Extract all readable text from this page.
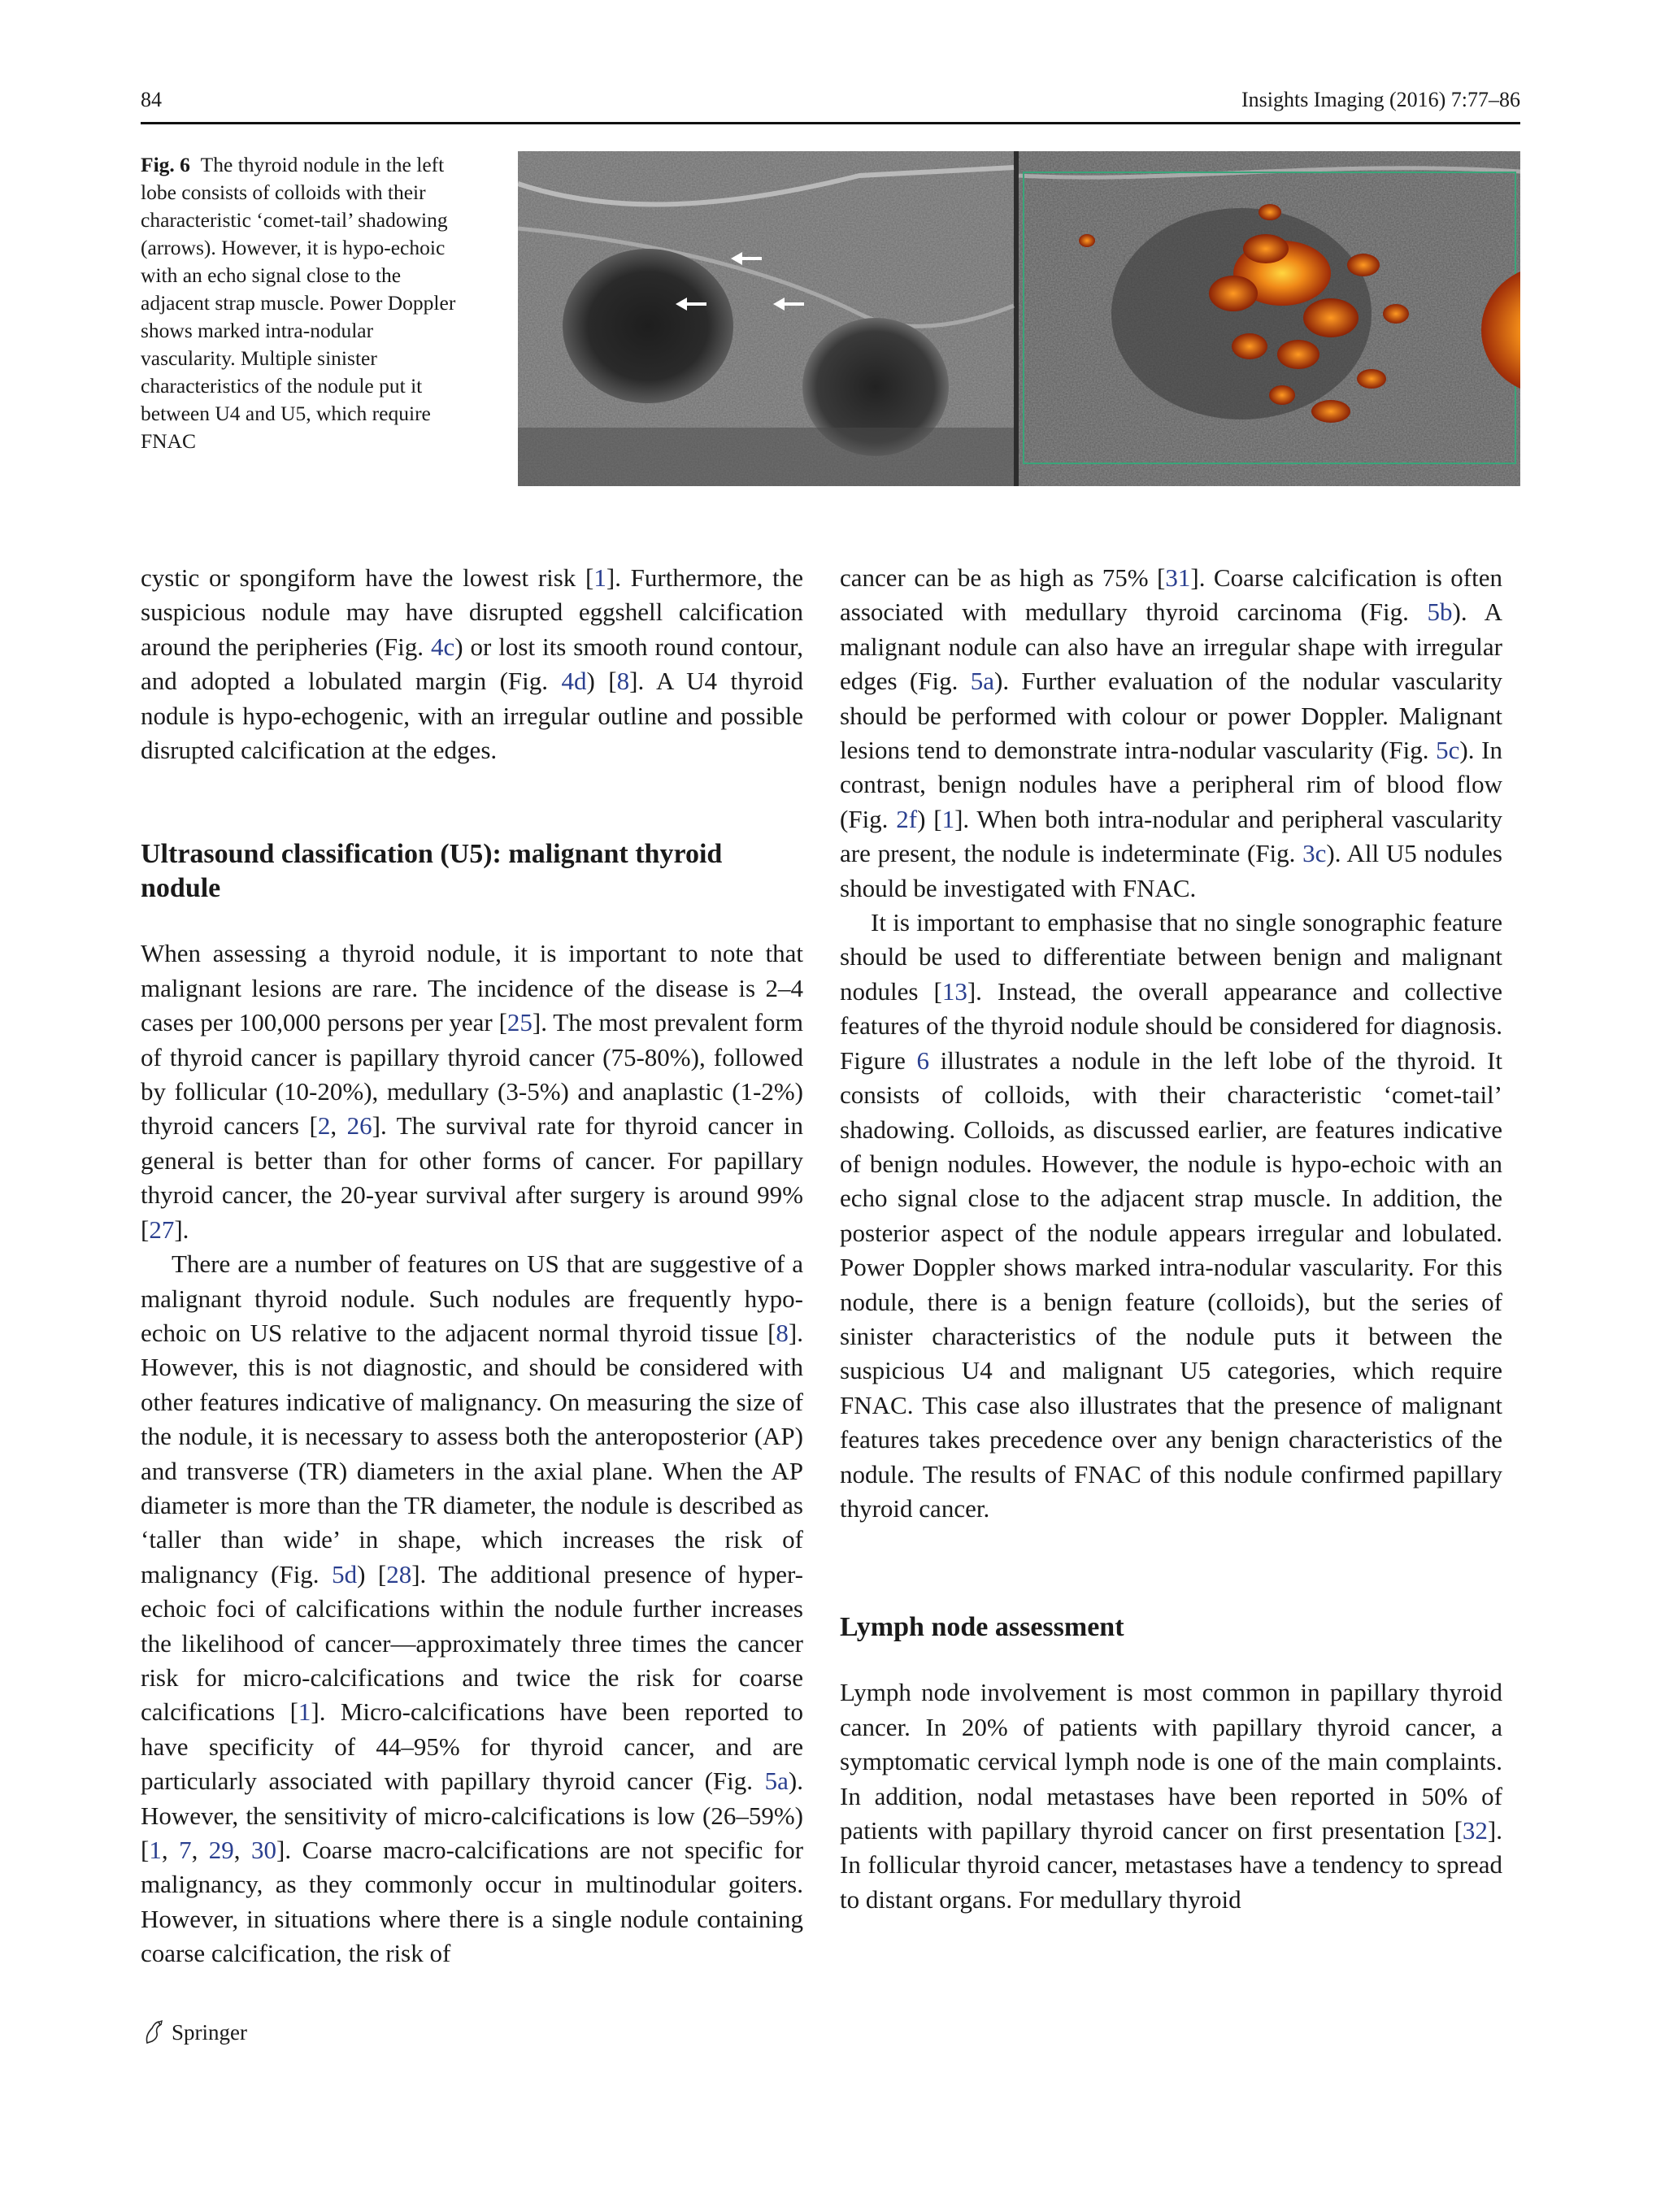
84	Insights Imaging (2016) 7:77–86
Fig. 6 The thyroid nodule in the left lobe consists of colloids with their characteristic ‘comet-tail’ shadowing (arrows). However, it is hypo-echoic with an echo signal close to the adjacent strap muscle. Power Doppler shows marked intra-nodular vascularity. Multiple sinister characteristics of the nodule put it between U4 and U5, which require FNAC

cystic or spongiform have the lowest risk [1]. Furthermore, the suspicious nodule may have disrupted eggshell calcification around the peripheries (Fig. 4c) or lost its smooth round contour, and adopted a lobulated margin (Fig. 4d) [8]. A U4 thyroid nodule is hypo-echogenic, with an irregular outline and possible disrupted calcification at the edges.

Ultrasound classification (U5): malignant thyroid nodule

When assessing a thyroid nodule, it is important to note that malignant lesions are rare. The incidence of the disease is 2–4 cases per 100,000 persons per year [25]. The most prevalent form of thyroid cancer is papillary thyroid cancer (75-80%), followed by follicular (10-20%), medullary (3-5%) and anaplastic (1-2%) thyroid cancers [2, 26]. The survival rate for thyroid cancer in general is better than for other forms of cancer. For papillary thyroid cancer, the 20-year survival after surgery is around 99% [27].

There are a number of features on US that are suggestive of a malignant thyroid nodule. Such nodules are frequently hypo-echoic on US relative to the adjacent normal thyroid tissue [8]. However, this is not diagnostic, and should be considered with other features indicative of malignancy. On measuring the size of the nodule, it is necessary to assess both the anteroposterior (AP) and transverse (TR) diameters in the axial plane. When the AP diameter is more than the TR diameter, the nodule is described as ‘taller than wide’ in shape, which increases the risk of malignancy (Fig. 5d) [28]. The additional presence of hyper-echoic foci of calcifications within the nodule further increases the likelihood of cancer—approximately three times the cancer risk for micro-calcifications and twice the risk for coarse calcifications [1]. Micro-calcifications have been reported to have specificity of 44–95% for thyroid cancer, and are particularly associated with papillary thyroid cancer (Fig. 5a). However, the sensitivity of micro-calcifications is low (26–59%) [1, 7, 29, 30]. Coarse macro-calcifications are not specific for malignancy, as they commonly occur in multinodular goiters. However, in situations where there is a single nodule containing coarse calcification, the risk of

cancer can be as high as 75% [31]. Coarse calcification is often associated with medullary thyroid carcinoma (Fig. 5b). A malignant nodule can also have an irregular shape with irregular edges (Fig. 5a). Further evaluation of the nodular vascularity should be performed with colour or power Doppler. Malignant lesions tend to demonstrate intra-nodular vascularity (Fig. 5c). In contrast, benign nodules have a peripheral rim of blood flow (Fig. 2f) [1]. When both intra-nodular and peripheral vascularity are present, the nodule is indeterminate (Fig. 3c). All U5 nodules should be investigated with FNAC.

It is important to emphasise that no single sonographic feature should be used to differentiate between benign and malignant nodules [13]. Instead, the overall appearance and collective features of the thyroid nodule should be considered for diagnosis. Figure 6 illustrates a nodule in the left lobe of the thyroid. It consists of colloids, with their characteristic ‘comet-tail’ shadowing. Colloids, as discussed earlier, are features indicative of benign nodules. However, the nodule is hypo-echoic with an echo signal close to the adjacent strap muscle. In addition, the posterior aspect of the nodule appears irregular and lobulated. Power Doppler shows marked intra-nodular vascularity. For this nodule, there is a benign feature (colloids), but the series of sinister characteristics of the nodule puts it between the suspicious U4 and malignant U5 categories, which require FNAC. This case also illustrates that the presence of malignant features takes precedence over any benign characteristics of the nodule. The results of FNAC of this nodule confirmed papillary thyroid cancer.

Lymph node assessment

Lymph node involvement is most common in papillary thyroid cancer. In 20% of patients with papillary thyroid cancer, a symptomatic cervical lymph node is one of the main complaints. In addition, nodal metastases have been reported in 50% of patients with papillary thyroid cancer on first presentation [32]. In follicular thyroid cancer, metastases have a tendency to spread to distant organs. For medullary thyroid

Springer
